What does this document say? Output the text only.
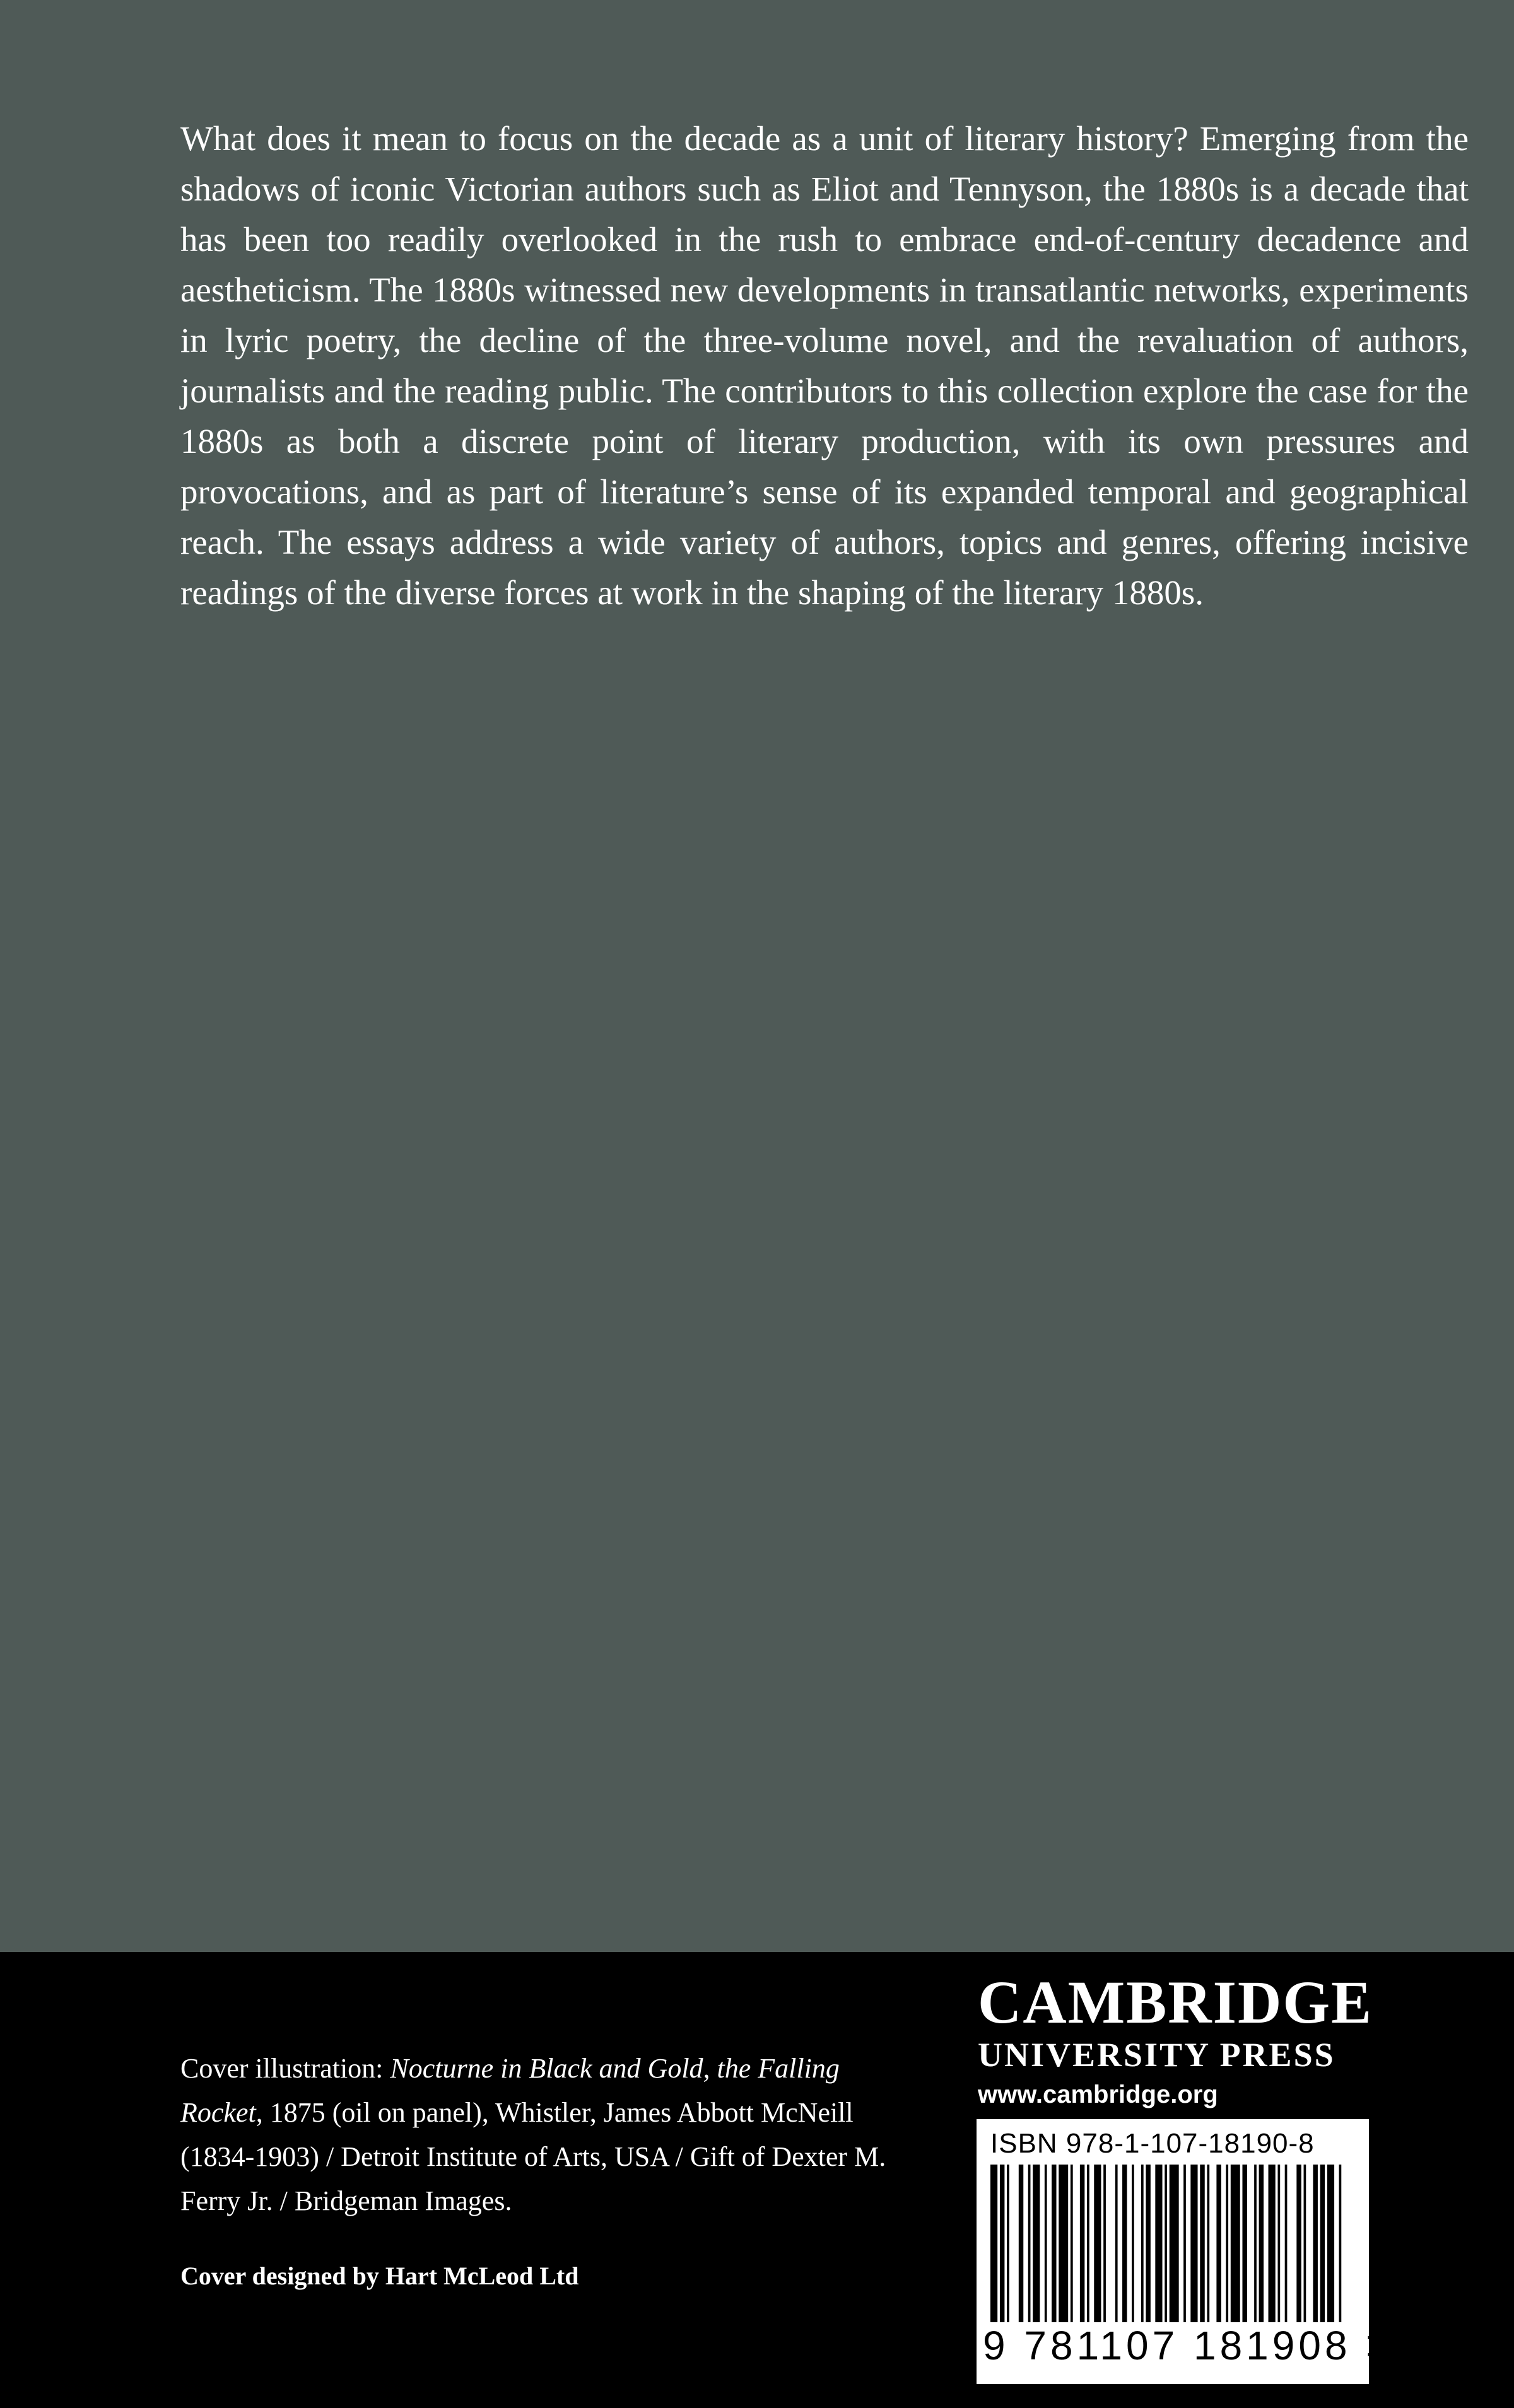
What does it mean to focus on the decade as a unit of literary history? Emerging from the shadows of iconic Victorian authors such as Eliot and Tennyson, the 1880s is a decade that has been too readily overlooked in the rush to embrace end-of-century decadence and aestheticism. The 1880s witnessed new developments in transatlantic networks, experiments in lyric poetry, the decline of the three-volume novel, and the revaluation of authors, journalists and the reading public. The contributors to this collection explore the case for the 1880s as both a discrete point of literary production, with its own pressures and provocations, and as part of literature’s sense of its expanded temporal and geographical reach. The essays address a wide variety of authors, topics and genres, offering incisive readings of the diverse forces at work in the shaping of the literary 1880s.

Cover illustration: Nocturne in Black and Gold, the Falling Rocket, 1875 (oil on panel), Whistler, James Abbott McNeill (1834-1903) / Detroit Institute of Arts, USA / Gift of Dexter M. Ferry Jr. / Bridgeman Images.

Cover designed by Hart McLeod Ltd

CAMBRIDGE
UNIVERSITY PRESS
www.cambridge.org
ISBN 978-1-107-18190-8
9 781107 181908 >
